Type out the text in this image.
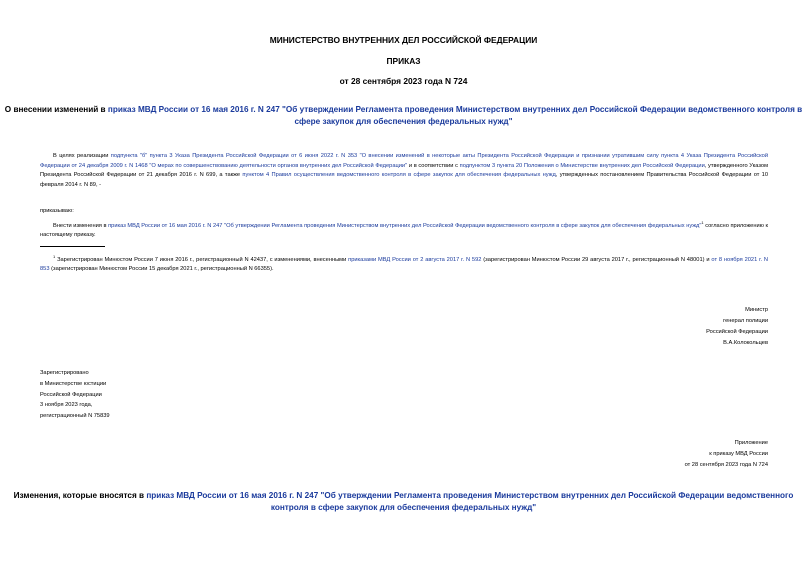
МИНИСТЕРСТВО ВНУТРЕННИХ ДЕЛ РОССИЙСКОЙ ФЕДЕРАЦИИ
ПРИКАЗ
от 28 сентября 2023 года N 724
О внесении изменений в приказ МВД России от 16 мая 2016 г. N 247 "Об утверждении Регламента проведения Министерством внутренних дел Российской Федерации ведомственного контроля в сфере закупок для обеспечения федеральных нужд"
В целях реализации подпункта "б" пункта 3 Указа Президента Российской Федерации от 6 июня 2022 г. N 353 "О внесении изменений в некоторые акты Президента Российской Федерации и признании утратившим силу пункта 4 Указа Президента Российской Федерации от 24 декабря 2009 г. N 1468 "О мерах по совершенствованию деятельности органов внутренних дел Российской Федерации" и в соответствии с подпунктом 3 пункта 20 Положения о Министерстве внутренних дел Российской Федерации, утвержденного Указом Президента Российской Федерации от 21 декабря 2016 г. N 699, а также пунктом 4 Правил осуществления ведомственного контроля в сфере закупок для обеспечения федеральных нужд, утвержденных постановлением Правительства Российской Федерации от 10 февраля 2014 г. N 89, -
приказываю:
Внести изменения в приказ МВД России от 16 мая 2016 г. N 247 "Об утверждении Регламента проведения Министерством внутренних дел Российской Федерации ведомственного контроля в сфере закупок для обеспечения федеральных нужд"$^1$ согласно приложению к настоящему приказу.
$^1$ Зарегистрирован Минюстом России 7 июня 2016 г., регистрационный N 42437, с изменениями, внесенными приказами МВД России от 2 августа 2017 г. N 592 (зарегистрирован Минюстом России 29 августа 2017 г., регистрационный N 48001) и от 8 ноября 2021 г. N 853 (зарегистрирован Минюстом России 15 декабря 2021 г., регистрационный N 66355).
Министр
генерал полиции
Российской Федерации
В.А.Колокольцев
Зарегистрировано
в Министерстве юстиции
Российской Федерации
3 ноября 2023 года,
регистрационный N 75839
Приложение
к приказу МВД России
от 28 сентября 2023 года N 724
Изменения, которые вносятся в приказ МВД России от 16 мая 2016 г. N 247 "Об утверждении Регламента проведения Министерством внутренних дел Российской Федерации ведомственного контроля в сфере закупок для обеспечения федеральных нужд"
